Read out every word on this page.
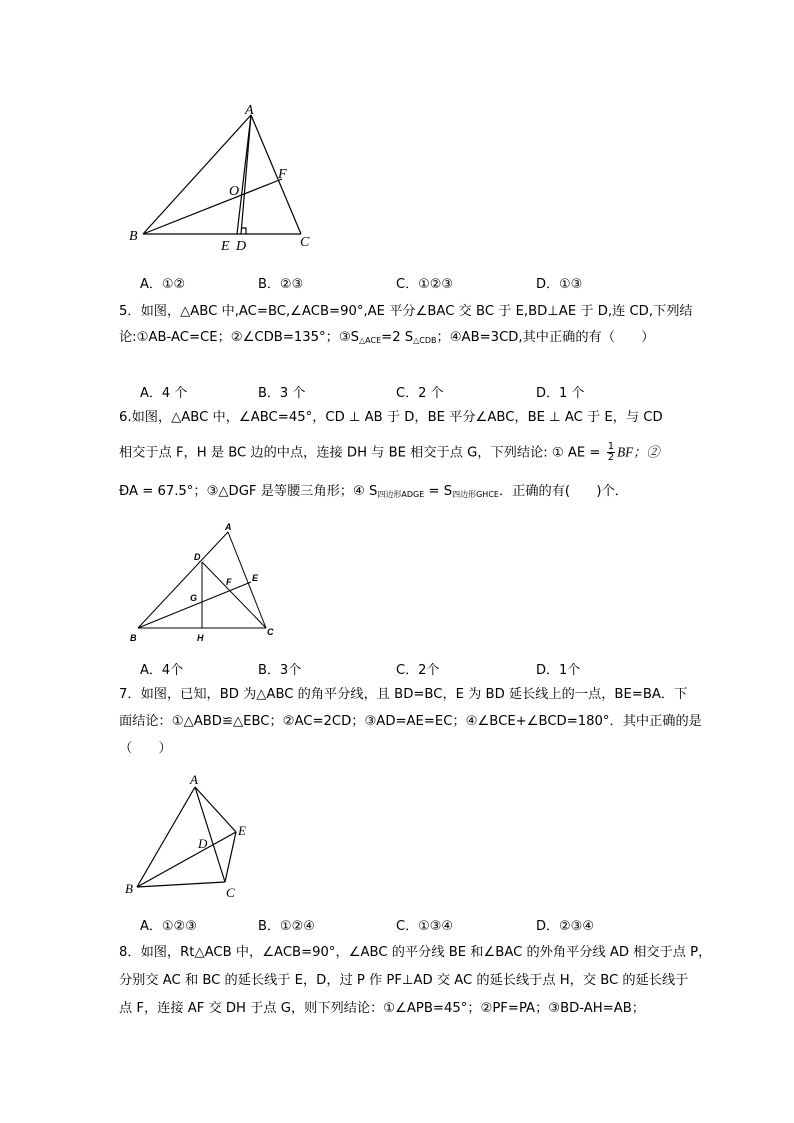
A
B	C
E D
F
O
A．①②	B．②③	C．①②③	D．①③
5．如图，△ABC 中,AC=BC,∠ACB=90°,AE 平分∠BAC 交 BC 于 E,BD⊥AE 于 D,连 CD,下列结
论:①AB-AC=CE；②∠CDB=135°；$③S_{\triangle ACE}=2$ $S_{\triangle CDB}$；④AB=3CD,其中正确的有（　　）
A．4 个	B．3 个	C．2 个	D．1 个
6.如图，△ABC 中，∠ABC=45°，CD ⊥ AB 于 D，BE 平分∠ABC，BE ⊥ AC 于 E，与 CD
相交于点 F，H 是 BC 边的中点，连接 DH 与 BE 相交于点 G，下列结论: ① AE = $\frac{1}{2}$ BF；②
ÐA = 67.5°；③△DGF 是等腰三角形；④ $S_{四边形ADGE} = S_{四边形GHCE}$．正确的有(　　)个．
A
B
C
D
E
F
G
H
A．4个	B．3个	C．2个	D．1个
7．如图，已知，BD 为△ABC 的角平分线，且 BD=BC，E 为 BD 延长线上的一点，BE=BA．下
面结论：①△ABD≌△EBC；②AC=2CD；③AD=AE=EC；④∠BCE+∠BCD=180°．其中正确的是
（　　）
A
B	C
D
E
A．①②③	B．①②④	C．①③④	D．②③④
8．如图，Rt△ACB 中，∠ACB=90°，∠ABC 的平分线 BE 和∠BAC 的外角平分线 AD 相交于点 P，
分别交 AC 和 BC 的延长线于 E，D，过 P 作 PF⊥AD 交 AC 的延长线于点 H，交 BC 的延长线于
点 F，连接 AF 交 DH 于点 G，则下列结论：①∠APB=45°；②PF=PA；③BD-AH=AB；
